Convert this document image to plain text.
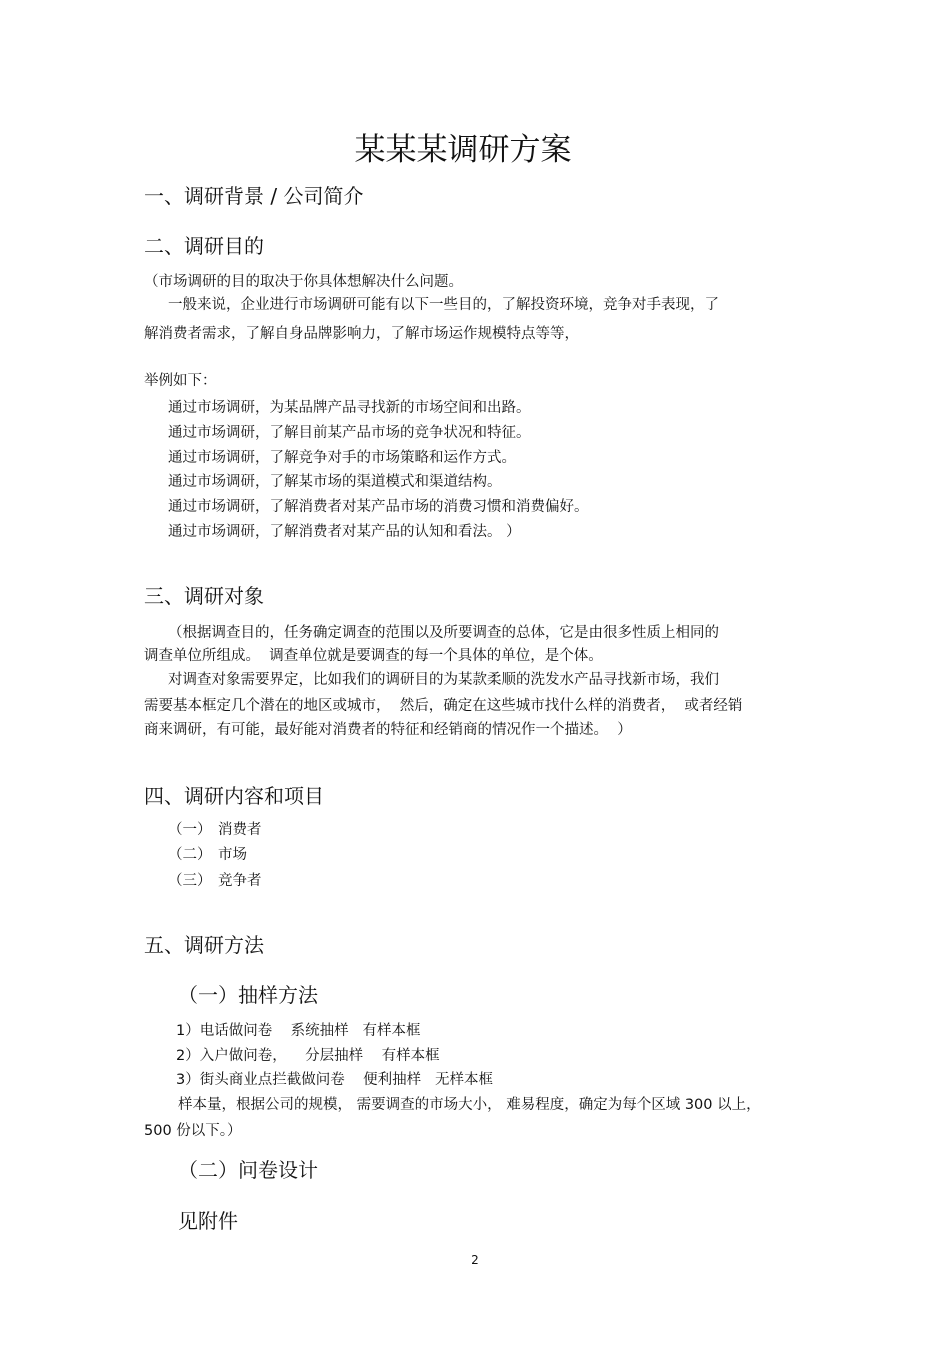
某某某调研方案
一、调研背景 / 公司简介
二、调研目的
（市场调研的目的取决于你具体想解决什么问题。
一般来说，企业进行市场调研可能有以下一些目的，了解投资环境，竞争对手表现，了
解消费者需求，了解自身品牌影响力，了解市场运作规模特点等等，
举例如下：
通过市场调研，为某品牌产品寻找新的市场空间和出路。
通过市场调研，了解目前某产品市场的竞争状况和特征。
通过市场调研，了解竞争对手的市场策略和运作方式。
通过市场调研，了解某市场的渠道模式和渠道结构。
通过市场调研，了解消费者对某产品市场的消费习惯和消费偏好。
通过市场调研，了解消费者对某产品的认知和看法。 ）
三、调研对象
（根据调查目的，任务确定调查的范围以及所要调查的总体，它是由很多性质上相同的
调查单位所组成。  调查单位就是要调查的每一个具体的单位，是个体。
对调查对象需要界定，比如我们的调研目的为某款柔顺的洗发水产品寻找新市场，我们
需要基本框定几个潜在的地区或城市，  然后，确定在这些城市找什么样的消费者，  或者经销
商来调研，有可能，最好能对消费者的特征和经销商的情况作一个描述。  ）
四、调研内容和项目
（一） 消费者
（二） 市场
（三） 竞争者
五、调研方法
（一）抽样方法
1）电话做问卷    系统抽样   有样本框
2）入户做问卷，    分层抽样    有样本框
3）街头商业点拦截做问卷    便利抽样   无样本框
样本量，根据公司的规模， 需要调查的市场大小， 难易程度，确定为每个区域 300 以上，
500 份以下。）
（二）问卷设计
见附件
2
